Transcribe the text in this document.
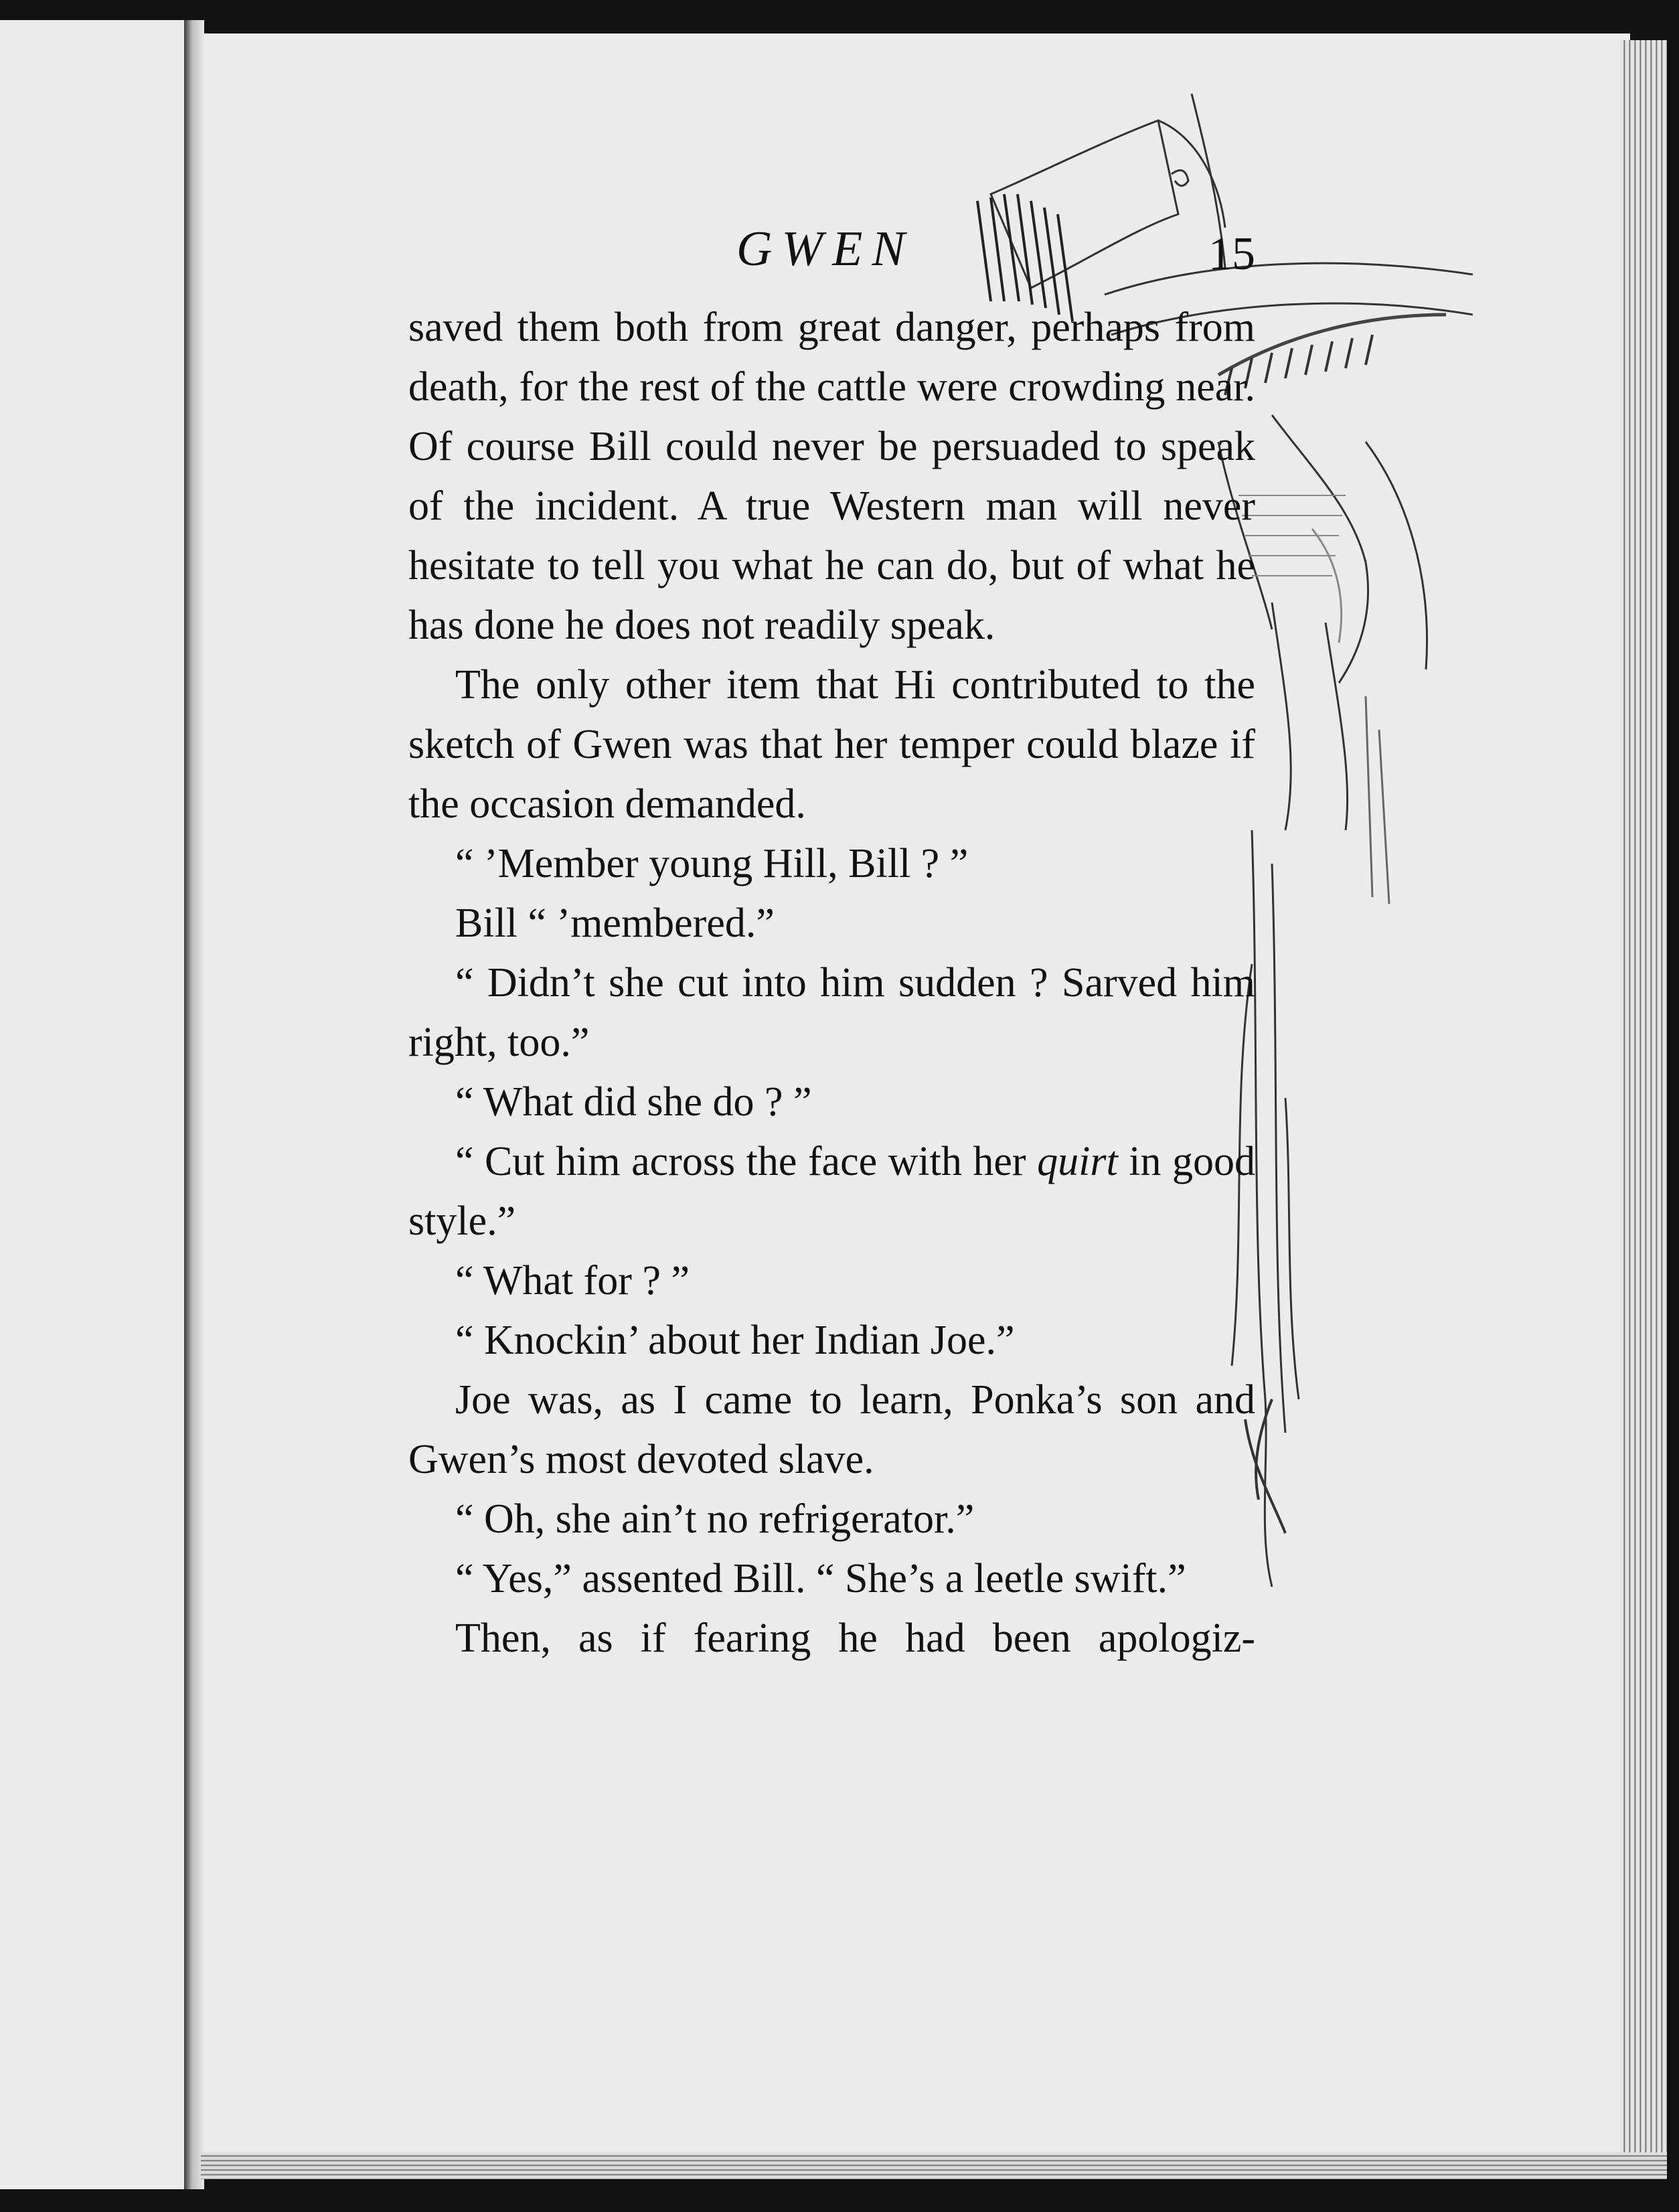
GWEN	15

saved them both from great danger, perhaps from death, for the rest of the cattle were crowding near. Of course Bill could never be persuaded to speak of the incident. A true Western man will never hesitate to tell you what he can do, but of what he has done he does not readily speak.

The only other item that Hi contributed to the sketch of Gwen was that her temper could blaze if the occasion demanded.

“ ’Member young Hill, Bill ? ”

Bill “ ’membered.”

“ Didn’t she cut into him sudden ? Sarved him right, too.”

“ What did she do ? ”

“ Cut him across the face with her quirt in good style.”

“ What for ? ”

“ Knockin’ about her Indian Joe.”

Joe was, as I came to learn, Ponka’s son and Gwen’s most devoted slave.

“ Oh, she ain’t no refrigerator.”

“ Yes,” assented Bill. “ She’s a leetle swift.”

Then, as if fearing he had been apologiz-
